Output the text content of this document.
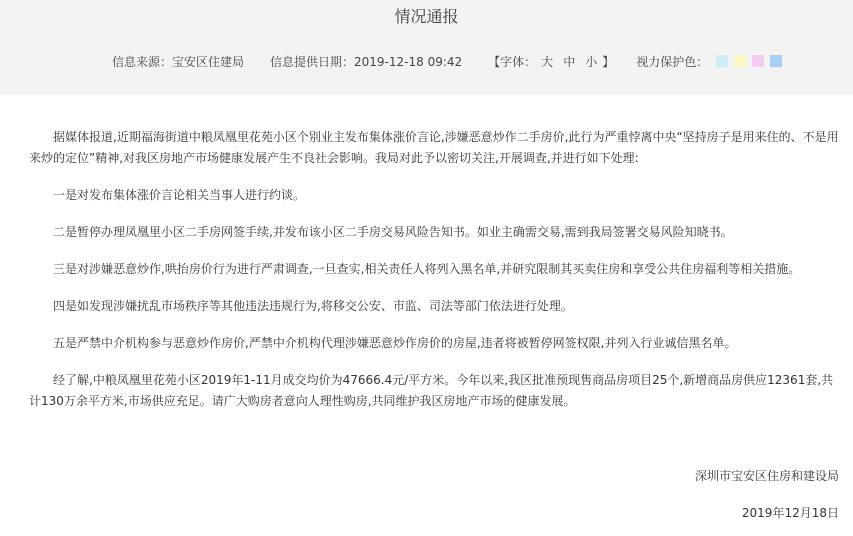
情况通报
信息来源：宝安区住建局 信息提供日期：2019-12-18 09:42 【字体： 大 中 小 】 视力保护色：
据媒体报道,近期福海街道中粮凤凰里花苑小区个别业主发布集体涨价言论,涉嫌恶意炒作二手房价,此行为严重悖离中央“坚持房子是用来住的、不是用来炒的定位”精神,对我区房地产市场健康发展产生不良社会影响。我局对此予以密切关注,开展调查,并进行如下处理:
一是对发布集体涨价言论相关当事人进行约谈。
二是暂停办理凤凰里小区二手房网签手续,并发布该小区二手房交易风险告知书。如业主确需交易,需到我局签署交易风险知晓书。
三是对涉嫌恶意炒作,哄抬房价行为进行严肃调查,一旦查实,相关责任人将列入黑名单,并研究限制其买卖住房和享受公共住房福利等相关措施。
四是如发现涉嫌扰乱市场秩序等其他违法违规行为,将移交公安、市监、司法等部门依法进行处理。
五是严禁中介机构参与恶意炒作房价,严禁中介机构代理涉嫌恶意炒作房价的房屋,违者将被暂停网签权限,并列入行业诚信黑名单。
经了解,中粮凤凰里花苑小区2019年1-11月成交均价为47666.4元/平方米。今年以来,我区批准预现售商品房项目25个,新增商品房供应12361套,共计130万余平方米,市场供应充足。请广大购房者意向人理性购房,共同维护我区房地产市场的健康发展。
深圳市宝安区住房和建设局
2019年12月18日
